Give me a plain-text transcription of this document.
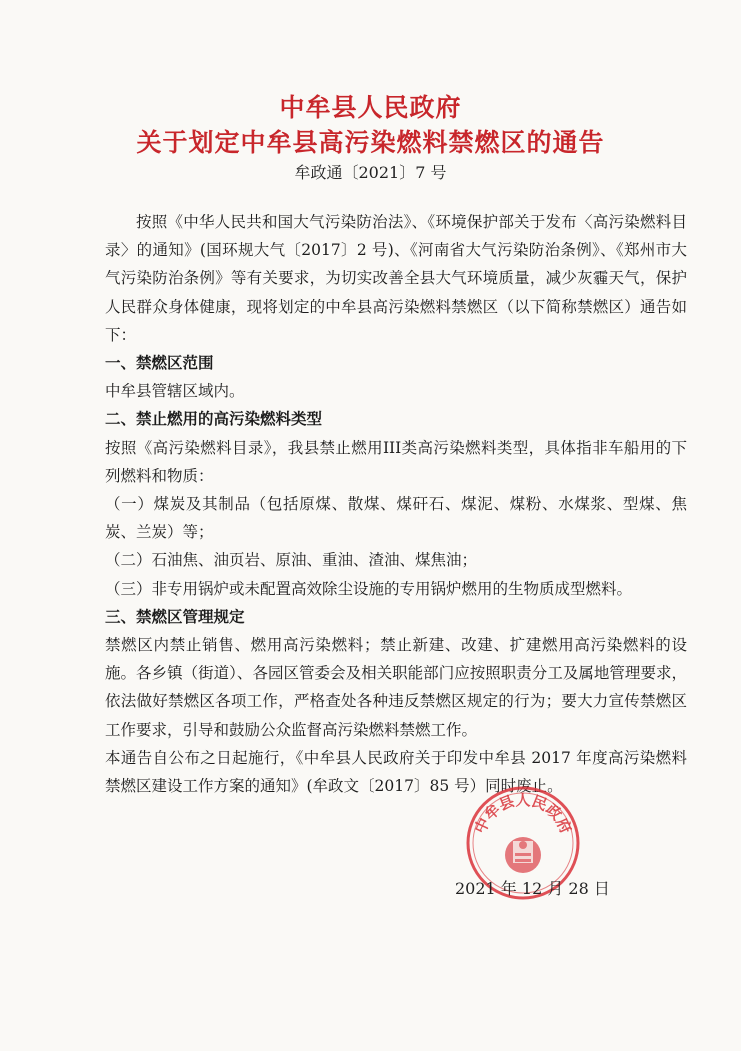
中牟县人民政府
关于划定中牟县高污染燃料禁燃区的通告
牟政通〔2021〕7 号

按照《中华人民共和国大气污染防治法》、《环境保护部关于发布〈高污染燃料目录〉的通知》(国环规大气〔2017〕2 号)、《河南省大气污染防治条例》、《郑州市大气污染防治条例》等有关要求，为切实改善全县大气环境质量，减少灰霾天气，保护人民群众身体健康，现将划定的中牟县高污染燃料禁燃区（以下简称禁燃区）通告如下：

一、禁燃区范围

中牟县管辖区域内。

二、禁止燃用的高污染燃料类型

按照《高污染燃料目录》，我县禁止燃用III类高污染燃料类型，具体指非车船用的下列燃料和物质：

（一）煤炭及其制品（包括原煤、散煤、煤矸石、煤泥、煤粉、水煤浆、型煤、焦炭、兰炭）等；

（二）石油焦、油页岩、原油、重油、渣油、煤焦油；

（三）非专用锅炉或未配置高效除尘设施的专用锅炉燃用的生物质成型燃料。

三、禁燃区管理规定

禁燃区内禁止销售、燃用高污染燃料；禁止新建、改建、扩建燃用高污染燃料的设施。各乡镇（街道）、各园区管委会及相关职能部门应按照职责分工及属地管理要求，依法做好禁燃区各项工作，严格查处各种违反禁燃区规定的行为；要大力宣传禁燃区工作要求，引导和鼓励公众监督高污染燃料禁燃工作。

本通告自公布之日起施行，《中牟县人民政府关于印发中牟县 2017 年度高污染燃料禁燃区建设工作方案的通知》(牟政文〔2017〕85 号）同时废止。

中牟县人民政府
2021 年 12 月 28 日
